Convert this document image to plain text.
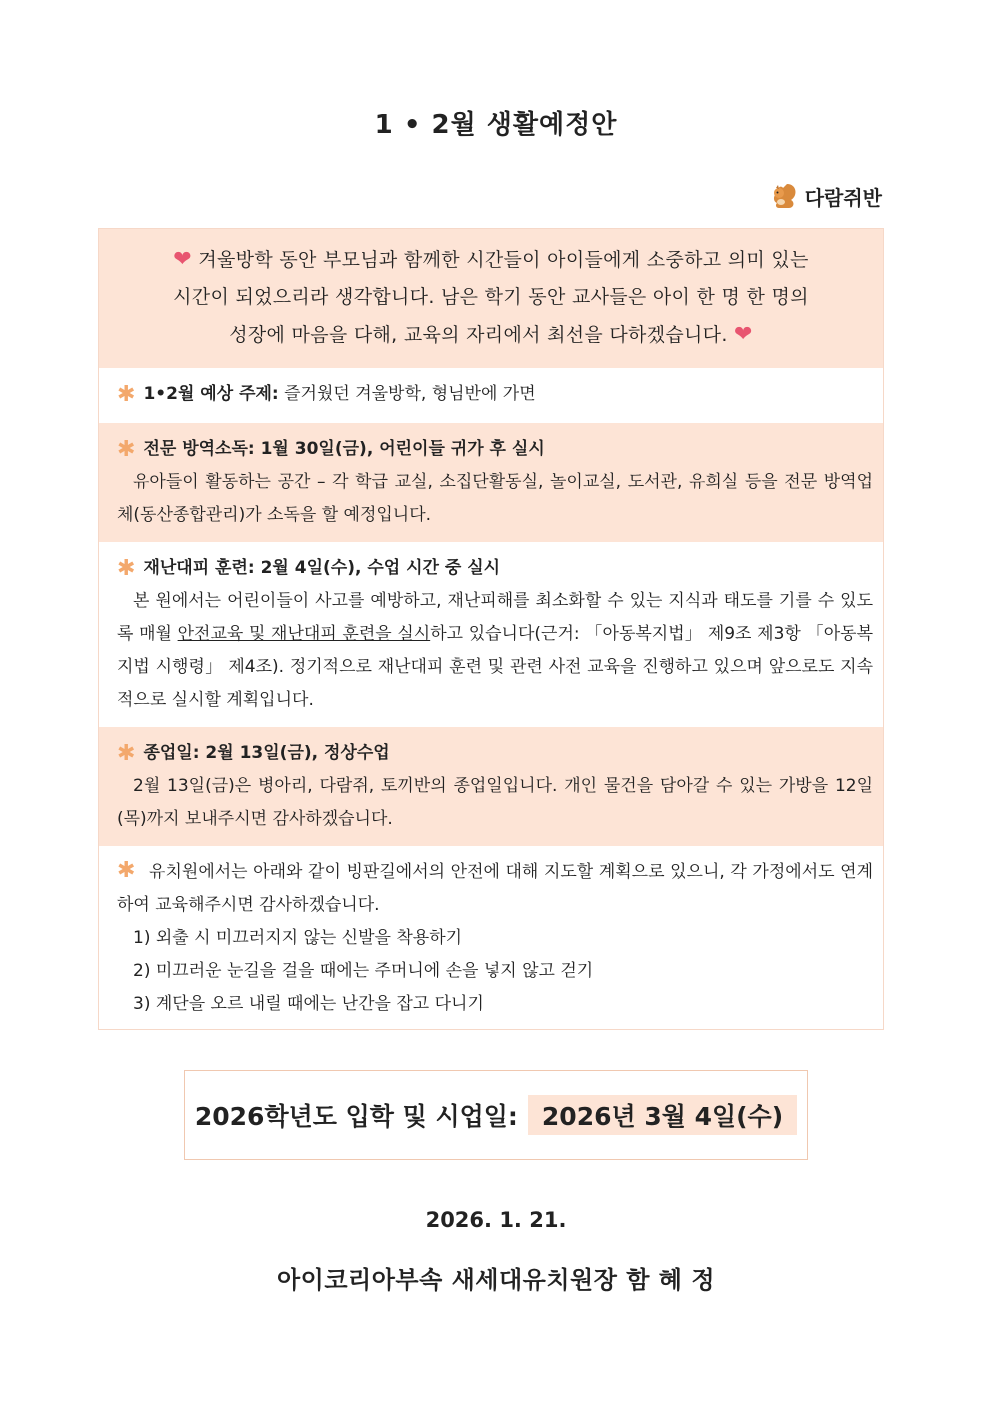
1 • 2월 생활예정안
다람쥐반
❤ 겨울방학 동안 부모님과 함께한 시간들이 아이들에게 소중하고 의미 있는
시간이 되었으리라 생각합니다. 남은 학기 동안 교사들은 아이 한 명 한 명의
성장에 마음을 다해, 교육의 자리에서 최선을 다하겠습니다. ❤
✱ 1•2월 예상 주제:
즐거웠던 겨울방학, 형님반에 가면
✱ 전문 방역소독: 1월 30일(금), 어린이들 귀가 후 실시
유아들이 활동하는 공간 – 각 학급 교실, 소집단활동실, 놀이교실, 도서관, 유희실 등을 전문 방역업체(동산종합관리)가 소독을 할 예정입니다.
✱ 재난대피 훈련: 2월 4일(수), 수업 시간 중 실시
본 원에서는 어린이들이 사고를 예방하고, 재난피해를 최소화할 수 있는 지식과 태도를 기를 수 있도록 매월 안전교육 및 재난대피 훈련을 실시하고 있습니다(근거: 「아동복지법」 제9조 제3항 「아동복지법 시행령」 제4조). 정기적으로 재난대피 훈련 및 관련 사전 교육을 진행하고 있으며 앞으로도 지속적으로 실시할 계획입니다.
✱ 종업일: 2월 13일(금), 정상수업
2월 13일(금)은 병아리, 다람쥐, 토끼반의 종업일입니다. 개인 물건을 담아갈 수 있는 가방을 12일(목)까지 보내주시면 감사하겠습니다.
✱ 유치원에서는 아래와 같이 빙판길에서의 안전에 대해 지도할 계획으로 있으니, 각 가정에서도 연계하여 교육해주시면 감사하겠습니다.
1) 외출 시 미끄러지지 않는 신발을 착용하기
2) 미끄러운 눈길을 걸을 때에는 주머니에 손을 넣지 않고 걷기
3) 계단을 오르 내릴 때에는 난간을 잡고 다니기
2026학년도 입학 및 시업일: 2026년 3월 4일(수)
2026. 1. 21.
아이코리아부속 새세대유치원장 함 혜 정
